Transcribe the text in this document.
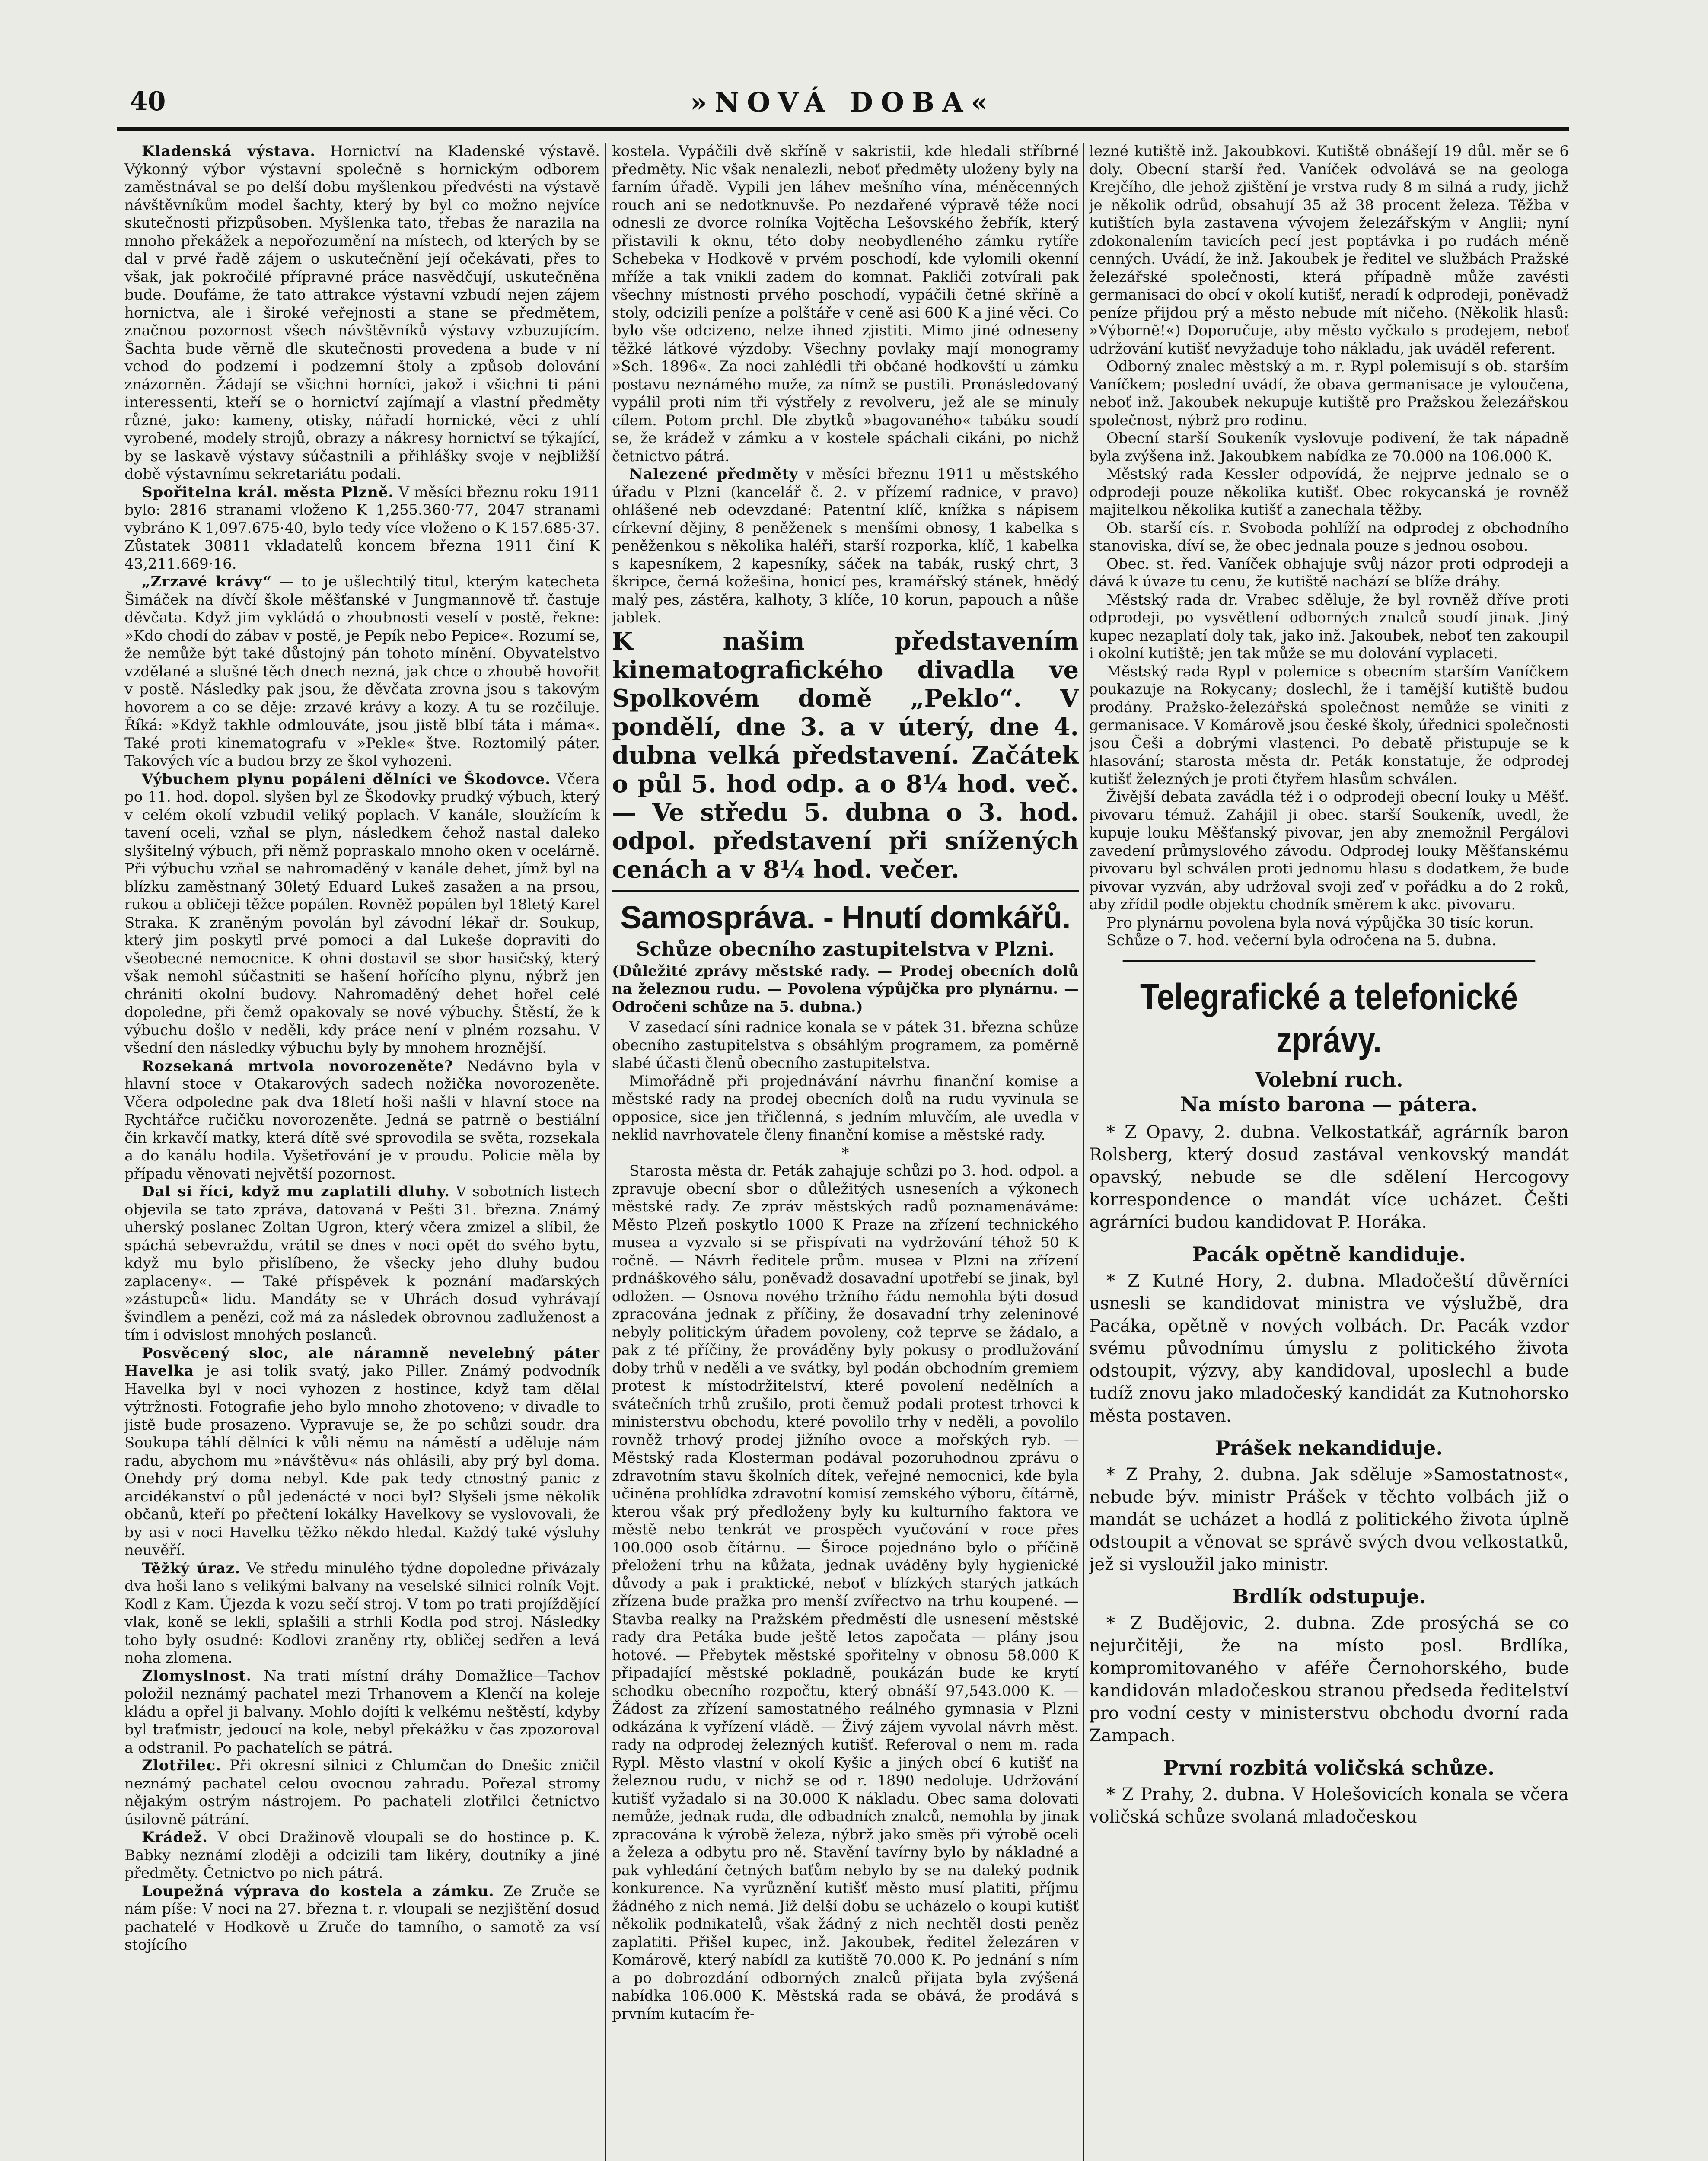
40	»NOVÁ DOBA«

Kladenská výstava. Hornictví na Kladenské výstavě. Výkonný výbor výstavní společně s hornickým odborem zaměstnával se po delší dobu myšlenkou předvésti na výstavě návštěvníkům model šachty, který by byl co možno nejvíce skutečnosti přizpůsoben. Myšlenka tato, třebas že narazila na mnoho překážek a nepořozumění na místech, od kterých by se dal v prvé řadě zájem o uskutečnění její očekávati, přes to však, jak pokročilé přípravné práce nasvědčují, uskutečněna bude. Doufáme, že tato attrakce výstavní vzbudí nejen zájem hornictva, ale i široké veřejnosti a stane se předmětem, značnou pozornost všech návštěvníků výstavy vzbuzujícím. Šachta bude věrně dle skutečnosti provedena a bude v ní vchod do podzemí i podzemní štoly a způsob dolování znázorněn. Žádají se všichni horníci, jakož i všichni ti páni interessenti, kteří se o hornictví zajímají a vlastní předměty různé, jako: kameny, otisky, nářadí hornické, věci z uhlí vyrobené, modely strojů, obrazy a nákresy hornictví se týkající, by se laskavě výstavy súčastnili a přihlášky svoje v nejbližší době výstavnímu sekretariátu podali.

Spořitelna král. města Plzně. V měsíci březnu roku 1911 bylo: 2816 stranami vloženo K 1,255.360·77, 2047 stranami vybráno K 1,097.675·40, bylo tedy více vloženo o K 157.685·37. Zůstatek 30811 vkladatelů koncem března 1911 činí K 43,211.669·16.

„Zrzavé krávy“ — to je ušlechtilý titul, kterým katecheta Šimáček na dívčí škole měšťanské v Jungmannově tř. častuje děvčata. Když jim vykládá o zhoubnosti veselí v postě, řekne: »Kdo chodí do zábav v postě, je Pepík nebo Pepice«. Rozumí se, že nemůže být také důstojný pán tohoto mínění. Obyvatelstvo vzdělané a slušné těch dnech nezná, jak chce o zhoubě hovořit v postě. Následky pak jsou, že děvčata zrovna jsou s takovým hovorem a co se děje: zrzavé krávy a kozy. A tu se rozčiluje. Říká: »Když takhle odmlouváte, jsou jistě blbí táta i máma«. Také proti kinematografu v »Pekle« štve. Roztomilý páter. Takových víc a budou brzy ze škol vyhozeni.

Výbuchem plynu popáleni dělníci ve Škodovce. Včera po 11. hod. dopol. slyšen byl ze Škodovky prudký výbuch, který v celém okolí vzbudil veliký poplach. V kanále, sloužícím k tavení oceli, vzňal se plyn, následkem čehož nastal daleko slyšitelný výbuch, při němž popraskalo mnoho oken v ocelárně. Při výbuchu vzňal se nahromaděný v kanále dehet, jímž byl na blízku zaměstnaný 30letý Eduard Lukeš zasažen a na prsou, rukou a obličeji těžce popálen. Rovněž popálen byl 18letý Karel Straka. K zraněným povolán byl závodní lékař dr. Soukup, který jim poskytl prvé pomoci a dal Lukeše dopraviti do všeobecné nemocnice. K ohni dostavil se sbor hasičský, který však nemohl súčastniti se hašení hořícího plynu, nýbrž jen chrániti okolní budovy. Nahromaděný dehet hořel celé dopoledne, při čemž opakovaly se nové výbuchy. Štěstí, že k výbuchu došlo v neděli, kdy práce není v plném rozsahu. V všední den následky výbuchu byly by mnohem hroznější.

Rozsekaná mrtvola novorozeněte? Nedávno byla v hlavní stoce v Otakarových sadech nožička novorozeněte. Včera odpoledne pak dva 18letí hoši našli v hlavní stoce na Rychtářce ručičku novorozeněte. Jedná se patrně o bestiální čin krkavčí matky, která dítě své sprovodila se světa, rozsekala a do kanálu hodila. Vyšetřování je v proudu. Policie měla by případu věnovati největší pozornost.

Dal si říci, když mu zaplatili dluhy. V sobotních listech objevila se tato zpráva, datovaná v Pešti 31. března. Známý uherský poslanec Zoltan Ugron, který včera zmizel a slíbil, že spáchá sebevraždu, vrátil se dnes v noci opět do svého bytu, když mu bylo přislíbeno, že všecky jeho dluhy budou zaplaceny«. — Také příspěvek k poznání maďarských »zástupců« lidu. Mandáty se v Uhrách dosud vyhrávají švindlem a penězi, což má za následek obrovnou zadluženost a tím i odvislost mnohých poslanců.

Posvěcený sloc, ale náramně nevelebný páter Havelka je asi tolik svatý, jako Piller. Známý podvodník Havelka byl v noci vyhozen z hostince, když tam dělal výtržnosti. Fotografie jeho bylo mnoho zhotoveno; v divadle to jistě bude prosazeno. Vypravuje se, že po schůzi soudr. dra Soukupa táhlí dělníci k vůli němu na náměstí a uděluje nám radu, abychom mu »návštěvu« nás ohlásili, aby prý byl doma. Onehdy prý doma nebyl. Kde pak tedy ctnostný panic z arcidékanství o půl jedenácté v noci byl? Slyšeli jsme několik občanů, kteří po přečtení lokálky Havelkovy se vyslovovali, že by asi v noci Havelku těžko někdo hledal. Každý také výsluhy neuvěří.

Těžký úraz. Ve středu minulého týdne dopoledne přivázaly dva hoši lano s velikými balvany na veselské silnici rolník Vojt. Kodl z Kam. Újezda k vozu sečí stroj. V tom po trati projíždějící vlak, koně se lekli, splašili a strhli Kodla pod stroj. Následky toho byly osudné: Kodlovi zraněny rty, obličej sedřen a levá noha zlomena.

Zlomyslnost. Na trati místní dráhy Domažlice—Tachov položil neznámý pachatel mezi Trhanovem a Klenčí na koleje kládu a opřel ji balvany. Mohlo dojíti k velkému neštěstí, kdyby byl traťmistr, jedoucí na kole, nebyl překážku v čas zpozoroval a odstranil. Po pachatelích se pátrá.

Zlotřilec. Při okresní silnici z Chlumčan do Dnešic zničil neznámý pachatel celou ovocnou zahradu. Pořezal stromy nějakým ostrým nástrojem. Po pachateli zlotřilci četnictvo úsilovně pátrání.

Krádež. V obci Dražinově vloupali se do hostince p. K. Babky neznámí zloději a odcizili tam likéry, doutníky a jiné předměty. Četnictvo po nich pátrá.

Loupežná výprava do kostela a zámku. Ze Zruče se nám píše: V noci na 27. března t. r. vloupali se nezjištění dosud pachatelé v Hodkově u Zruče do tamního, o samotě za vsí stojícího

kostela. Vypáčili dvě skříně v sakristii, kde hledali stříbrné předměty. Nic však nenalezli, neboť předměty uloženy byly na farním úřadě. Vypili jen láhev mešního vína, méněcenných rouch ani se nedotknuvše. Po nezdařené výpravě téže noci odnesli ze dvorce rolníka Vojtěcha Lešovského žebřík, který přistavili k oknu, této doby neobydleného zámku rytíře Schebeka v Hodkově v prvém poschodí, kde vylomili okenní mříže a tak vnikli zadem do komnat. Pakliči zotvírali pak všechny místnosti prvého poschodí, vypáčili četné skříně a stoly, odcizili peníze a polštáře v ceně asi 600 K a jiné věci. Co bylo vše odcizeno, nelze ihned zjistiti. Mimo jiné odneseny těžké látkové výzdoby. Všechny povlaky mají monogramy »Sch. 1896«. Za noci zahlédli tři občané hodkovští u zámku postavu neznámého muže, za nímž se pustili. Pronásledovaný vypálil proti nim tři výstřely z revolveru, jež ale se minuly cílem. Potom prchl. Dle zbytků »bagovaného« tabáku soudí se, že krádež v zámku a v kostele spáchali cikáni, po nichž četnictvo pátrá.

Nalezené předměty v měsíci březnu 1911 u městského úřadu v Plzni (kancelář č. 2. v přízemí radnice, v pravo) ohlášené neb odevzdané: Patentní klíč, knížka s nápisem církevní dějiny, 8 peněženek s menšími obnosy, 1 kabelka s peněženkou s několika haléři, starší rozporka, klíč, 1 kabelka s kapesníkem, 2 kapesníky, sáček na tabák, ruský chrt, 3 škripce, černá kožešina, honicí pes, kramářský stánek, hnědý malý pes, zástěra, kalhoty, 3 klíče, 10 korun, papouch a nůše jablek.

K našim představením kinematografického divadla ve Spolkovém domě „Peklo“. V pondělí, dne 3. a v úterý, dne 4. dubna velká představení. Začátek o půl 5. hod odp. a o 8¼ hod. več. — Ve středu 5. dubna o 3. hod. odpol. představení při snížených cenách a v 8¼ hod. večer.

Samospráva. - Hnutí domkářů.
Schůze obecního zastupitelstva v Plzni.

(Důležité zprávy městské rady. — Prodej obecních dolů na železnou rudu. — Povolena výpůjčka pro plynárnu. —Odročeni schůze na 5. dubna.)

V zasedací síni radnice konala se v pátek 31. března schůze obecního zastupitelstva s obsáhlým programem, za poměrně slabé účasti členů obecního zastupitelstva.

Mimořádně při projednávání návrhu finanční komise a městské rady na prodej obecních dolů na rudu vyvinula se opposice, sice jen třičlenná, s jedním mluvčím, ale uvedla v neklid navrhovatele členy finanční komise a městské rady.

*

Starosta města dr. Peták zahajuje schůzi po 3. hod. odpol. a zpravuje obecní sbor o důležitých usneseních a výkonech městské rady. Ze zpráv městských radů poznamenáváme: Město Plzeň poskytlo 1000 K Praze na zřízení technického musea a vyzvalo si se přispívati na vydržování téhož 50 K ročně. — Návrh ředitele prům. musea v Plzni na zřízení prdnáškového sálu, poněvadž dosavadní upotřebí se jinak, byl odložen. — Osnova nového tržního řádu nemohla býti dosud zpracována jednak z příčiny, že dosavadní trhy zeleninové nebyly politickým úřadem povoleny, což teprve se žádalo, a pak z té příčiny, že prováděny byly pokusy o prodlužování doby trhů v neděli a ve svátky, byl podán obchodním gremiem protest k místodržitelství, které povolení nedělních a svátečních trhů zrušilo, proti čemuž podali protest trhovci k ministerstvu obchodu, které povolilo trhy v neděli, a povolilo rovněž trhový prodej jižního ovoce a mořských ryb. — Městský rada Klosterman podával pozoruhodnou zprávu o zdravotním stavu školních dítek, veřejné nemocnici, kde byla učiněna prohlídka zdravotní komisí zemského výboru, čítárně, kterou však prý předloženy byly ku kulturního faktora ve městě nebo tenkrát ve prospěch vyučování v roce přes 100.000 osob čítárnu. — Široce pojednáno bylo o příčině přeložení trhu na kůžata, jednak uváděny byly hygienické důvody a pak i praktické, neboť v blízkých starých jatkách zřízena bude pražka pro menší zvířectvo na trhu koupené. — Stavba realky na Pražském předměstí dle usnesení městské rady dra Petáka bude ještě letos započata — plány jsou hotové. — Přebytek městské spořitelny v obnosu 58.000 K připadající městské pokladně, poukázán bude ke krytí schodku obecního rozpočtu, který obnáší 97,543.000 K. — Žádost za zřízení samostatného reálného gymnasia v Plzni odkázána k vyřízení vládě. — Živý zájem vyvolal návrh měst. rady na odprodej železných kutišť. Referoval o nem m. rada Rypl. Město vlastní v okolí Kyšic a jiných obcí 6 kutišť na železnou rudu, v nichž se od r. 1890 nedoluje. Udržování kutišť vyžadalo si na 30.000 K nákladu. Obec sama dolovati nemůže, jednak ruda, dle odbadních znalců, nemohla by jinak zpracována k výrobě železa, nýbrž jako směs při výrobě oceli a železa a odbytu pro ně. Stavění tavírny bylo by nákladné a pak vyhledání četných baťům nebylo by se na daleký podnik konkurence. Na vyrůznění kutišť město musí platiti, příjmu žádného z nich nemá. Již delší dobu se ucházelo o koupi kutišť několik podnikatelů, však žádný z nich nechtěl dosti peněz zaplatiti. Přišel kupec, inž. Jakoubek, ředitel železáren v Komárově, který nabídl za kutiště 70.000 K. Po jednání s ním a po dobrozdání odborných znalců přijata byla zvýšená nabídka 106.000 K. Městská rada se obává, že prodává s prvním kutacím ře-

lezné kutiště inž. Jakoubkovi. Kutiště obnášejí 19 důl. měr se 6 doly. Obecní starší řed. Vaníček odvolává se na geologa Krejčího, dle jehož zjištění je vrstva rudy 8 m silná a rudy, jichž je několik odrůd, obsahují 35 až 38 procent železa. Těžba v kutištích byla zastavena vývojem železářským v Anglii; nyní zdokonalením tavicích pecí jest poptávka i po rudách méně cenných. Uvádí, že inž. Jakoubek je ředitel ve službách Pražské železářské společnosti, která případně může zavésti germanisaci do obcí v okolí kutišť, neradí k odprodeji, poněvadž peníze přijdou prý a město nebude mít ničeho. (Několik hlasů: »Výborně!«) Doporučuje, aby město vyčkalo s prodejem, neboť udržování kutišť nevyžaduje toho nákladu, jak uváděl referent.

Odborný znalec městský a m. r. Rypl polemisují s ob. starším Vaníčkem; poslední uvádí, že obava germanisace je vyloučena, neboť inž. Jakoubek nekupuje kutiště pro Pražskou železářskou společnost, nýbrž pro rodinu.

Obecní starší Soukeník vyslovuje podivení, že tak nápadně byla zvýšena inž. Jakoubkem nabídka ze 70.000 na 106.000 K.

Městský rada Kessler odpovídá, že nejprve jednalo se o odprodeji pouze několika kutišť. Obec rokycanská je rovněž majitelkou několika kutišť a zanechala těžby.

Ob. starší cís. r. Svoboda pohlíží na odprodej z obchodního stanoviska, díví se, že obec jednala pouze s jednou osobou.

Obec. st. řed. Vaníček obhajuje svůj názor proti odprodeji a dává k úvaze tu cenu, že kutiště nachází se blíže dráhy.

Městský rada dr. Vrabec sděluje, že byl rovněž dříve proti odprodeji, po vysvětlení odborných znalců soudí jinak. Jiný kupec nezaplatí doly tak, jako inž. Jakoubek, neboť ten zakoupil i okolní kutiště; jen tak může se mu dolování vyplaceti.

Městský rada Rypl v polemice s obecním starším Vaníčkem poukazuje na Rokycany; doslechl, že i tamější kutiště budou prodány. Pražsko-železářská společnost nemůže se viniti z germanisace. V Komárově jsou české školy, úřednici společnosti jsou Češi a dobrými vlastenci. Po debatě přistupuje se k hlasování; starosta města dr. Peták konstatuje, že odprodej kutišť železných je proti čtyřem hlasům schválen.

Živější debata zavádla též i o odprodeji obecní louky u Měšť. pivovaru témuž. Zahájil ji obec. starší Soukeník, uvedl, že kupuje louku Měšťanský pivovar, jen aby znemožnil Pergálovi zavedení průmyslového závodu. Odprodej louky Měšťanskému pivovaru byl schválen proti jednomu hlasu s dodatkem, že bude pivovar vyzván, aby udržoval svoji zeď v pořádku a do 2 roků, aby zřídil podle objektu chodník směrem k akc. pivovaru.

Pro plynárnu povolena byla nová výpůjčka 30 tisíc korun.

Schůze o 7. hod. večerní byla odročena na 5. dubna.

Telegrafické a telefonické zprávy.
Volební ruch.
Na místo barona — pátera.

* Z Opavy, 2. dubna. Velkostatkář, agrárník baron Rolsberg, který dosud zastával venkovský mandát opavský, nebude se dle sdělení Hercogovy korrespondence o mandát více ucházet. Češti agrárníci budou kandidovat P. Horáka.

Pacák opětně kandiduje.

* Z Kutné Hory, 2. dubna. Mladočeští důvěrníci usnesli se kandidovat ministra ve výslužbě, dra Pacáka, opětně v nových volbách. Dr. Pacák vzdor svému původnímu úmyslu z politického života odstoupit, výzvy, aby kandidoval, uposlechl a bude tudíž znovu jako mladočeský kandidát za Kutnohorsko města postaven.

Prášek nekandiduje.

* Z Prahy, 2. dubna. Jak sděluje »Samostatnost«, nebude býv. ministr Prášek v těchto volbách již o mandát se ucházet a hodlá z politického života úplně odstoupit a věnovat se správě svých dvou velkostatků, jež si vysloužil jako ministr.

Brdlík odstupuje.

* Z Budějovic, 2. dubna. Zde prosýchá se co nejurčitěji, že na místo posl. Brdlíka, kompromitovaného v aféře Černohorského, bude kandidován mladočeskou stranou předseda ředitelství pro vodní cesty v ministerstvu obchodu dvorní rada Zampach.

První rozbitá voličská schůze.

* Z Prahy, 2. dubna. V Holešovicích konala se včera voličská schůze svolaná mladočeskou
